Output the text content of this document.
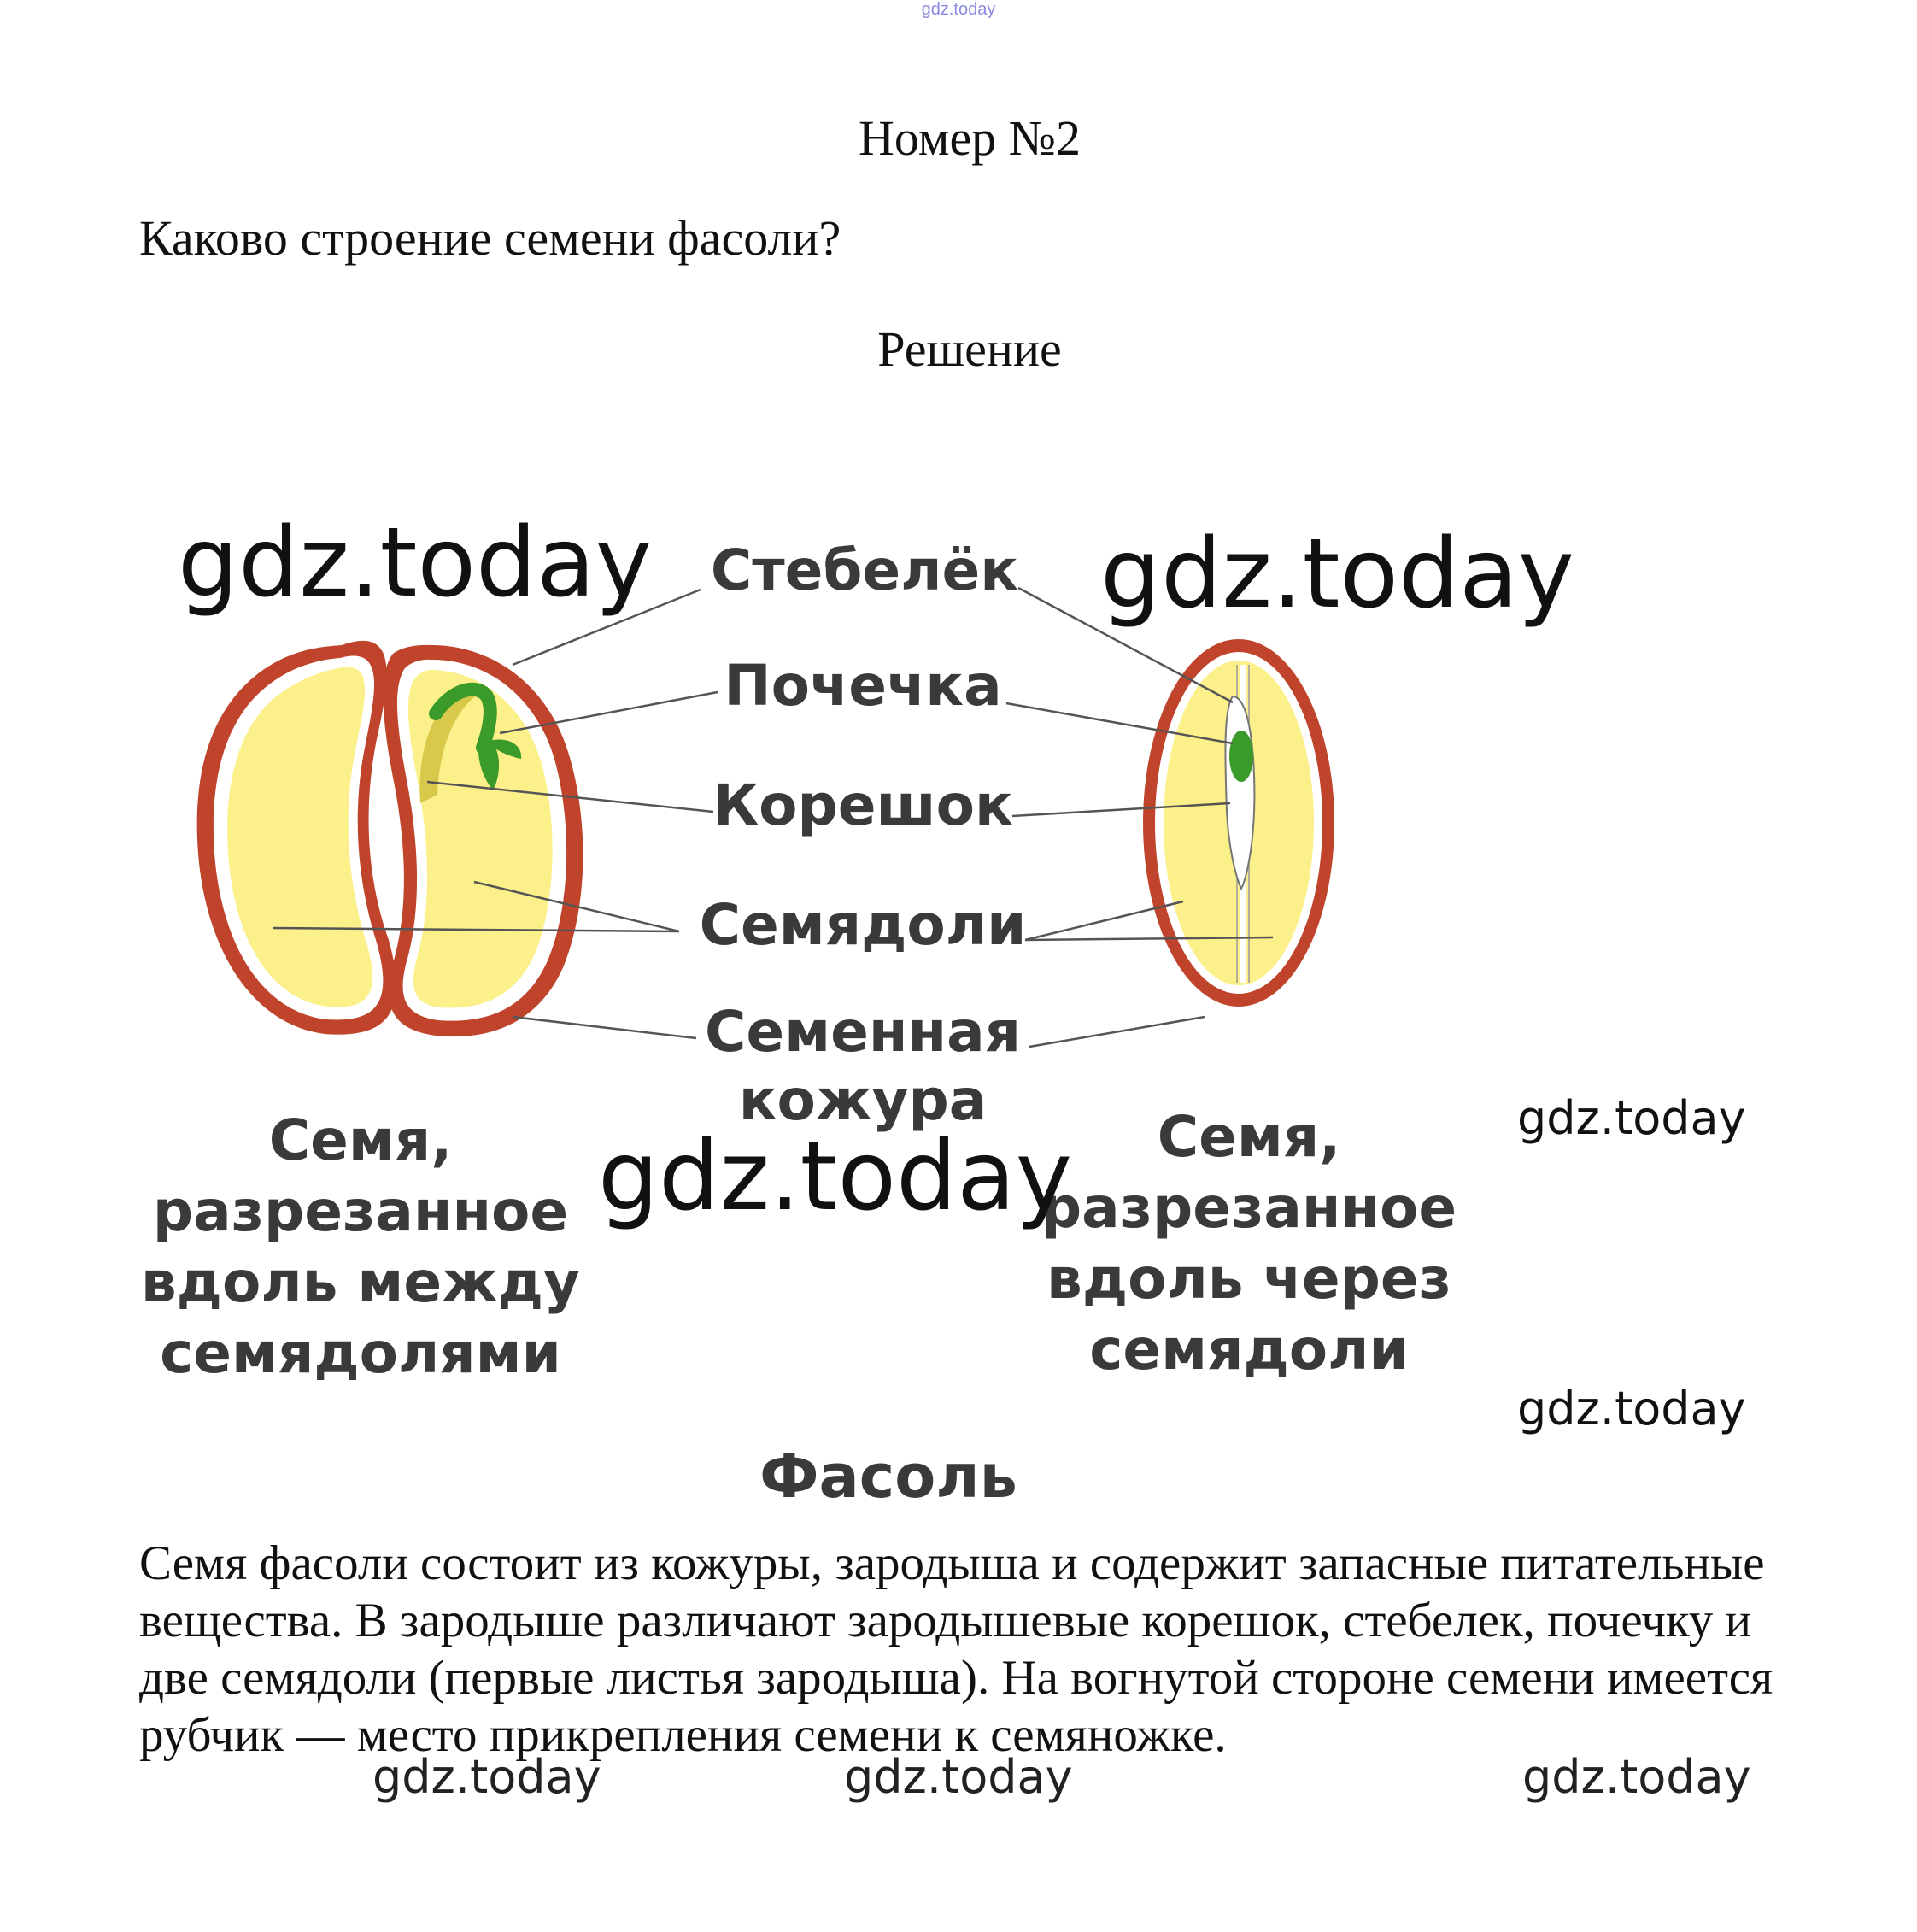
gdz.today
Номер №2
Каково строение семени фасоли?
Решение
Стебелёк
Почечка
Корешок
Семядоли
Семенная
кожура
Семя,
разрезанное
вдоль между
семядолями
Семя,
разрезанное
вдоль через
семядоли
Фасоль
gdz.today	gdz.today
gdz.today
gdz.today
gdz.today
Семя фасоли состоит из кожуры, зародыша и содержит запасные питательные вещества. В зародыше различают зародышевые корешок, стебелек, почечку и две семядоли (первые листья зародыша). На вогнутой стороне семени имеется рубчик — место прикрепления семени к семяножке.
gdz.today	gdz.today	gdz.today
